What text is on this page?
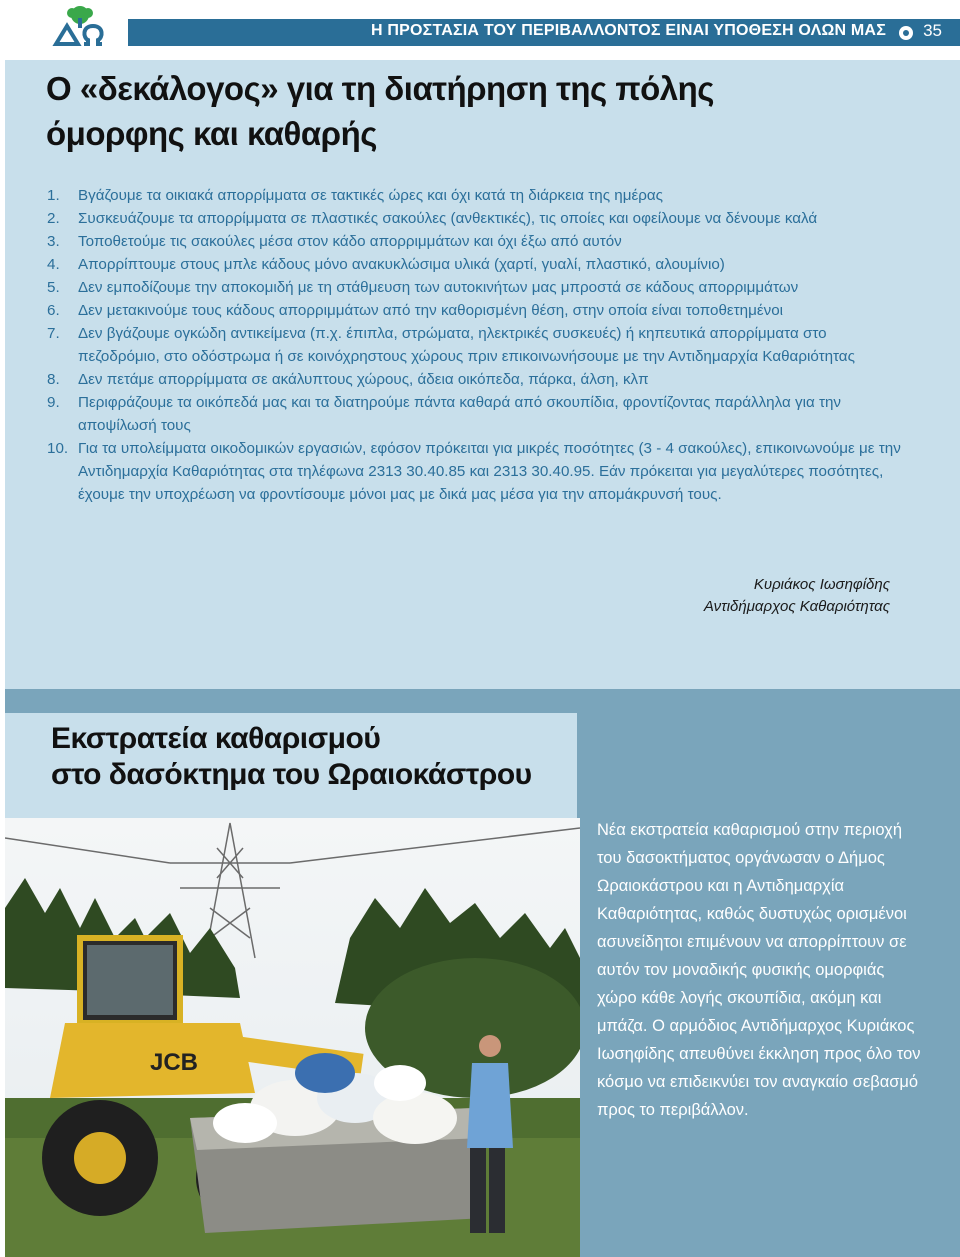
Η ΠΡΟΣΤΑΣΙΑ ΤΟΥ ΠΕΡΙΒΑΛΛΟΝΤΟΣ ΕΙΝΑΙ ΥΠΟΘΕΣΗ ΟΛΩΝ ΜΑΣ 35
Ο «δεκάλογος» για τη διατήρηση της πόλης
όμορφης και καθαρής
1. Βγάζουμε τα οικιακά απορρίμματα σε τακτικές ώρες και όχι κατά τη διάρκεια της ημέρας
2. Συσκευάζουμε τα απορρίμματα σε πλαστικές σακούλες (ανθεκτικές), τις οποίες και οφείλουμε να δένουμε καλά
3. Τοποθετούμε τις σακούλες μέσα στον κάδο απορριμμάτων και όχι έξω από αυτόν
4. Απορρίπτουμε στους μπλε κάδους μόνο ανακυκλώσιμα υλικά (χαρτί, γυαλί, πλαστικό, αλουμίνιο)
5. Δεν εμποδίζουμε την αποκομιδή με τη στάθμευση των αυτοκινήτων μας μπροστά σε κάδους απορριμμάτων
6. Δεν μετακινούμε τους κάδους απορριμμάτων από την καθορισμένη θέση, στην οποία είναι τοποθετημένοι
7. Δεν βγάζουμε ογκώδη αντικείμενα (π.χ. έπιπλα, στρώματα, ηλεκτρικές συσκευές) ή κηπευτικά απορρίμματα στο πεζοδρόμιο, στο οδόστρωμα ή σε κοινόχρηστους χώρους πριν επικοινωνήσουμε με την Αντιδημαρχία Καθαριότητας
8. Δεν πετάμε απορρίμματα σε ακάλυπτους χώρους, άδεια οικόπεδα, πάρκα, άλση, κλπ
9. Περιφράζουμε τα οικόπεδά μας και τα διατηρούμε πάντα καθαρά από σκουπίδια, φροντίζοντας παράλληλα για την αποψίλωσή τους
10. Για τα υπολείμματα οικοδομικών εργασιών, εφόσον πρόκειται για μικρές ποσότητες (3 - 4 σακούλες), επικοινωνούμε με την Αντιδημαρχία Καθαριότητας στα τηλέφωνα 2313 30.40.85 και 2313 30.40.95. Εάν πρόκειται για μεγαλύτερες ποσότητες, έχουμε την υποχρέωση να φροντίσουμε μόνοι μας με δικά μας μέσα για την απομάκρυνσή τους.
Κυριάκος Ιωσηφίδης
Αντιδήμαρχος Καθαριότητας
Εκστρατεία καθαρισμού
στο δασόκτημα του Ωραιοκάστρου
JCB

Νέα εκστρατεία καθαρισμού στην περιοχή του δασοκτήματος οργάνωσαν ο Δήμος Ωραιοκάστρου και η Αντιδημαρχία Καθαριότητας, καθώς δυστυχώς ορισμένοι ασυνείδητοι επιμένουν να απορρίπτουν σε αυτόν τον μοναδικής φυσικής ομορφιάς χώρο κάθε λογής σκουπίδια, ακόμη και μπάζα. Ο αρμόδιος Αντιδήμαρχος Κυριάκος Ιωσηφίδης απευθύνει έκκληση προς όλο τον κόσμο να επιδεικνύει τον αναγκαίο σεβασμό προς το περιβάλλον.
